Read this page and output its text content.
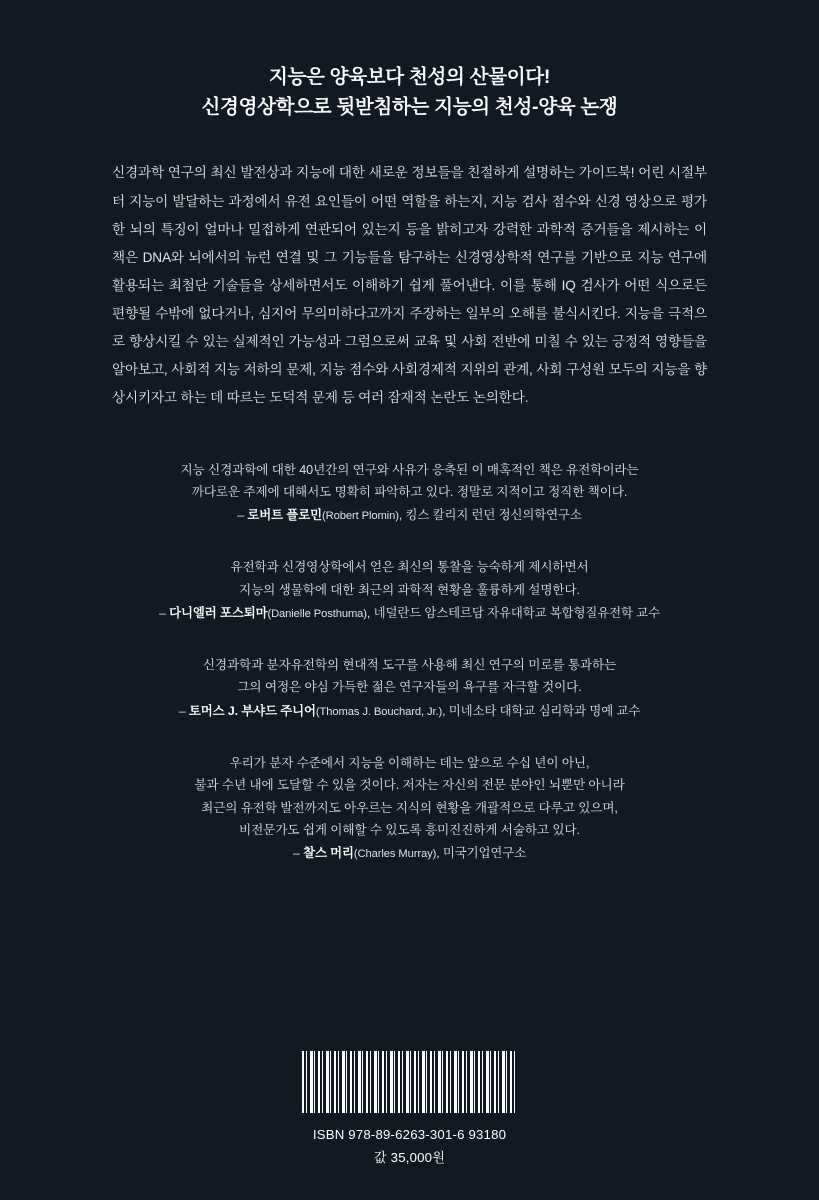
지능은 양육보다 천성의 산물이다!
신경영상학으로 뒷받침하는 지능의 천성-양육 논쟁
신경과학 연구의 최신 발전상과 지능에 대한 새로운 정보들을 친절하게 설명하는 가이드북! 어린 시절부터 지능이 발달하는 과정에서 유전 요인들이 어떤 역할을 하는지, 지능 검사 점수와 신경 영상으로 평가한 뇌의 특징이 얼마나 밀접하게 연관되어 있는지 등을 밝히고자 강력한 과학적 증거들을 제시하는 이 책은 DNA와 뇌에서의 뉴런 연결 및 그 기능들을 탐구하는 신경영상학적 연구를 기반으로 지능 연구에 활용되는 최첨단 기술들을 상세하면서도 이해하기 쉽게 풀어낸다. 이를 통해 IQ 검사가 어떤 식으로든 편향될 수밖에 없다거나, 심지어 무의미하다고까지 주장하는 일부의 오해를 불식시킨다. 지능을 극적으로 향상시킬 수 있는 실제적인 가능성과 그럼으로써 교육 및 사회 전반에 미칠 수 있는 긍정적 영향들을 알아보고, 사회적 지능 저하의 문제, 지능 점수와 사회경제적 지위의 관계, 사회 구성원 모두의 지능을 향상시키자고 하는 데 따르는 도덕적 문제 등 여러 잠재적 논란도 논의한다.
지능 신경과학에 대한 40년간의 연구와 사유가 응축된 이 매혹적인 책은 유전학이라는
까다로운 주제에 대해서도 명확히 파악하고 있다. 정말로 지적이고 정직한 책이다.
– 로버트 플로민(Robert Plomin), 킹스 칼리지 런던 정신의학연구소
유전학과 신경영상학에서 얻은 최신의 통찰을 능숙하게 제시하면서
지능의 생물학에 대한 최근의 과학적 현황을 훌륭하게 설명한다.
– 다니엘러 포스퇴마(Danielle Posthuma), 네덜란드 암스테르담 자유대학교 복합형질유전학 교수
신경과학과 분자유전학의 현대적 도구를 사용해 최신 연구의 미로를 통과하는
그의 여정은 야심 가득한 젊은 연구자들의 욕구를 자극할 것이다.
– 토머스 J. 부샤드 주니어(Thomas J. Bouchard, Jr.), 미네소타 대학교 심리학과 명예 교수
우리가 분자 수준에서 지능을 이해하는 데는 앞으로 수십 년이 아닌,
불과 수년 내에 도달할 수 있을 것이다. 저자는 자신의 전문 분야인 뇌뿐만 아니라
최근의 유전학 발전까지도 아우르는 지식의 현황을 개괄적으로 다루고 있으며,
비전문가도 쉽게 이해할 수 있도록 흥미진진하게 서술하고 있다.
– 찰스 머리(Charles Murray), 미국기업연구소
ISBN 978-89-6263-301-6 93180
값 35,000원
